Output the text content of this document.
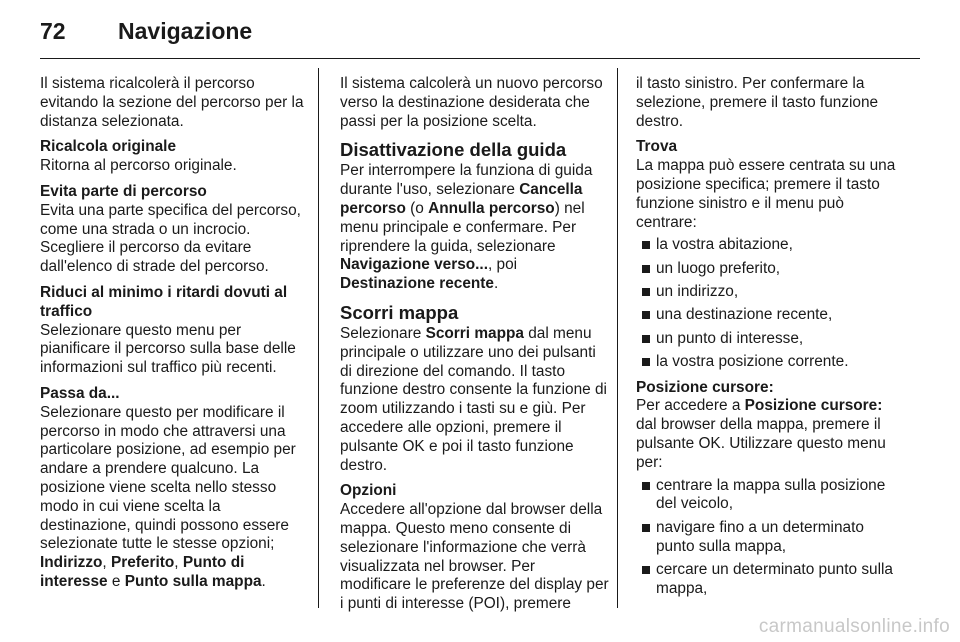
72 Navigazione

Il sistema ricalcolerà il percorso evitando la sezione del percorso per la distanza selezionata.

Ricalcola originale
Ritorna al percorso originale.

Evita parte di percorso
Evita una parte specifica del percorso, come una strada o un incrocio. Scegliere il percorso da evitare dall'elenco di strade del percorso.

Riduci al minimo i ritardi dovuti al traffico
Selezionare questo menu per pianificare il percorso sulla base delle informazioni sul traffico più recenti.

Passa da...
Selezionare questo per modificare il percorso in modo che attraversi una particolare posizione, ad esempio per andare a prendere qualcuno. La posizione viene scelta nello stesso modo in cui viene scelta la destinazione, quindi possono essere selezionate tutte le stesse opzioni; Indirizzo, Preferito, Punto di interesse e Punto sulla mappa.

Il sistema calcolerà un nuovo percorso verso la destinazione desiderata che passi per la posizione scelta.

Disattivazione della guida

Per interrompere la funziona di guida durante l'uso, selezionare Cancella percorso (o Annulla percorso) nel menu principale e confermare. Per riprendere la guida, selezionare Navigazione verso..., poi Destinazione recente.

Scorri mappa

Selezionare Scorri mappa dal menu principale o utilizzare uno dei pulsanti di direzione del comando. Il tasto funzione destro consente la funzione di zoom utilizzando i tasti su e giù. Per accedere alle opzioni, premere il pulsante OK e poi il tasto funzione destro.

Opzioni
Accedere all'opzione dal browser della mappa. Questo meno consente di selezionare l'informazione che verrà visualizzata nel browser. Per modificare le preferenze del display per i punti di interesse (POI), premere

il tasto sinistro. Per confermare la selezione, premere il tasto funzione destro.

Trova
La mappa può essere centrata su una posizione specifica; premere il tasto funzione sinistro e il menu può centrare:

la vostra abitazione,
un luogo preferito,
un indirizzo,
una destinazione recente,
un punto di interesse,
la vostra posizione corrente.

Posizione cursore:
Per accedere a Posizione cursore: dal browser della mappa, premere il pulsante OK. Utilizzare questo menu per:

centrare la mappa sulla posizione del veicolo,
navigare fino a un determinato punto sulla mappa,
cercare un determinato punto sulla mappa,
carmanualsonline.info
